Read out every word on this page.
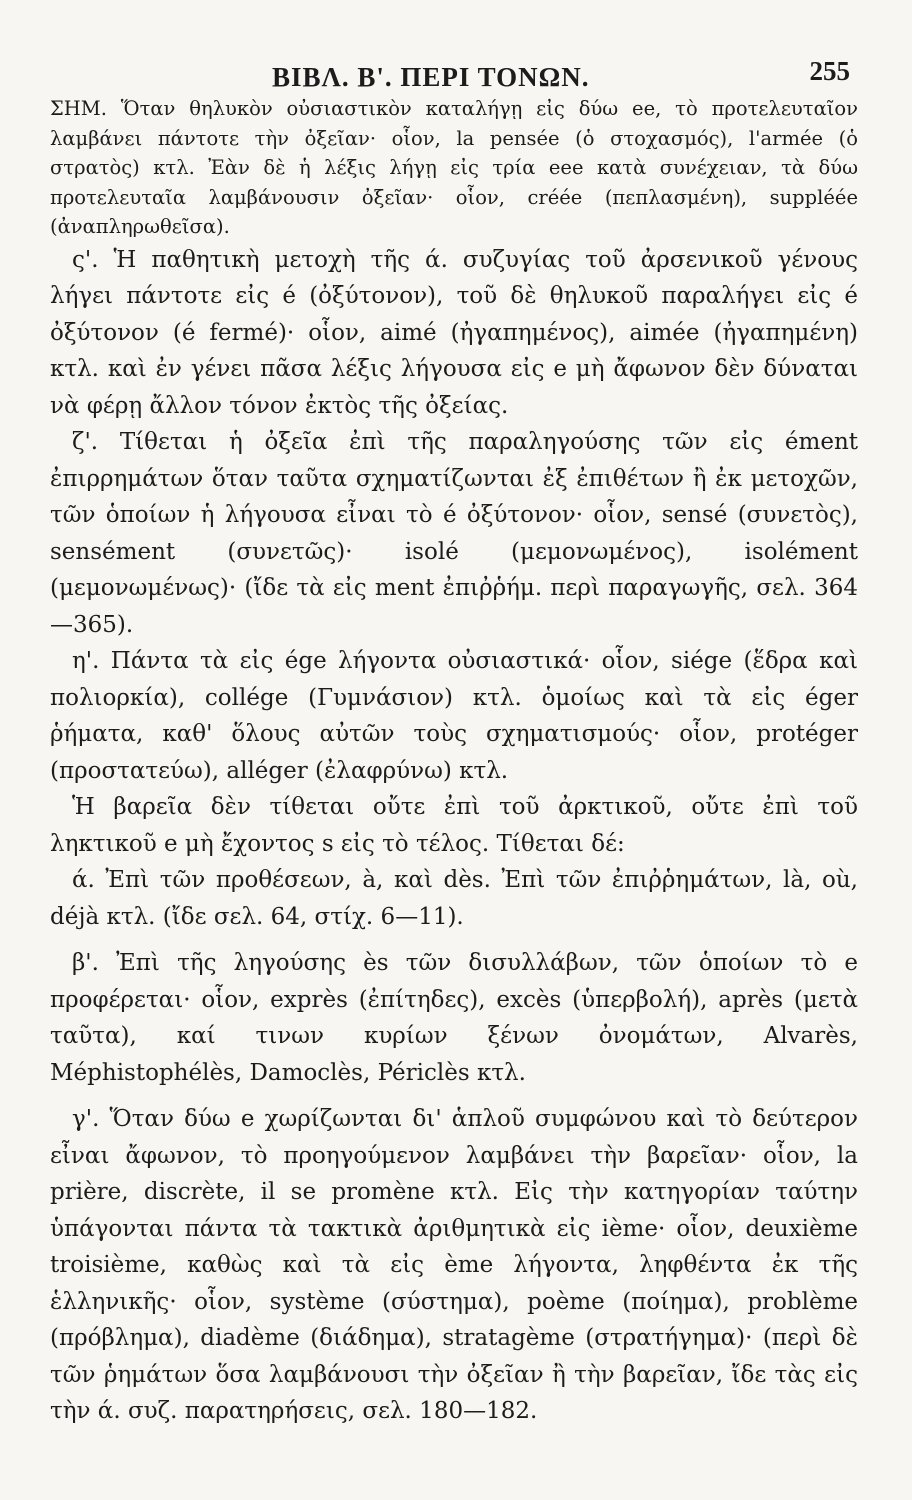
ΒΙΒΛ. Β'. ΠΕΡΙ ΤΟΝΩΝ.	255

ΣΗΜ. Ὅταν θηλυκὸν οὐσιαστικὸν καταλήγῃ εἰς δύω ee, τὸ προτελευταῖον λαμβάνει πάντοτε τὴν ὀξεῖαν· οἷον, la pensée (ὁ στοχασμός), l'armée (ὁ στρατὸς) κτλ. Ἐὰν δὲ ἡ λέξις λήγῃ εἰς τρία eee κατὰ συνέχειαν, τὰ δύω προτελευταῖα λαμβάνουσιν ὀξεῖαν· οἷον, créée (πεπλασμένη), suppléée (ἀναπληρωθεῖσα).

ς'. Ἡ παθητικὴ μετοχὴ τῆς ά. συζυγίας τοῦ ἀρσενικοῦ γένους λήγει πάντοτε εἰς é (ὀξύτονον), τοῦ δὲ θηλυκοῦ παραλήγει εἰς é ὀξύτονον (é fermé)· οἷον, aimé (ἠγαπημένος), aimée (ἠγαπημένη) κτλ. καὶ ἐν γένει πᾶσα λέξις λήγουσα εἰς e μὴ ἄφωνον δὲν δύναται νὰ φέρῃ ἄλλον τόνον ἐκτὸς τῆς ὀξείας.

ζ'. Τίθεται ἡ ὀξεῖα ἐπὶ τῆς παραληγούσης τῶν εἰς ément ἐπιρρημάτων ὅταν ταῦτα σχηματίζωνται ἐξ ἐπιθέτων ἢ ἐκ μετοχῶν, τῶν ὁποίων ἡ λήγουσα εἶναι τὸ é ὀξύτονον· οἷον, sensé (συνετὸς), sensément (συνετῶς)· isolé (μεμονωμένος), isolément (μεμονωμένως)· (ἴδε τὰ εἰς ment ἐπιῤῥήμ. περὶ παραγωγῆς, σελ. 364—365).

η'. Πάντα τὰ εἰς ége λήγοντα οὐσιαστικά· οἷον, siége (ἕδρα καὶ πολιορκία), collége (Γυμνάσιον) κτλ. ὁμοίως καὶ τὰ εἰς éger ῥήματα, καθ' ὅλους αὐτῶν τοὺς σχηματισμούς· οἷον, protéger (προστατεύω), alléger (ἐλαφρύνω) κτλ.

Ἡ βαρεῖα δὲν τίθεται οὔτε ἐπὶ τοῦ ἀρκτικοῦ, οὔτε ἐπὶ τοῦ ληκτικοῦ e μὴ ἔχοντος s εἰς τὸ τέλος. Τίθεται δέ:

ά. Ἐπὶ τῶν προθέσεων, à, καὶ dès. Ἐπὶ τῶν ἐπιῤῥημάτων, là, où, déjà κτλ. (ἴδε σελ. 64, στίχ. 6—11).

β'. Ἐπὶ τῆς ληγούσης ès τῶν δισυλλάβων, τῶν ὁποίων τὸ e προφέρεται· οἷον, exprès (ἐπίτηδες), excès (ὑπερβολή), après (μετὰ ταῦτα), καί τινων κυρίων ξένων ὀνομάτων, Alvarès, Méphistophélès, Damoclès, Périclès κτλ.

γ'. Ὅταν δύω e χωρίζωνται δι' ἁπλοῦ συμφώνου καὶ τὸ δεύτερον εἶναι ἄφωνον, τὸ προηγούμενον λαμβάνει τὴν βαρεῖαν· οἷον, la prière, discrète, il se promène κτλ. Εἰς τὴν κατηγορίαν ταύτην ὑπάγονται πάντα τὰ τακτικὰ ἀριθμητικὰ εἰς ième· οἷον, deuxième troisième, καθὼς καὶ τὰ εἰς ème λήγοντα, ληφθέντα ἐκ τῆς ἑλληνικῆς· οἷον, système (σύστημα), poème (ποίημα), problème (πρόβλημα), diadème (διάδημα), stratagème (στρατήγημα)· (περὶ δὲ τῶν ῥημάτων ὅσα λαμβάνουσι τὴν ὀξεῖαν ἢ τὴν βαρεῖαν, ἴδε τὰς εἰς τὴν ά. συζ. παρατηρήσεις, σελ. 180—182.
